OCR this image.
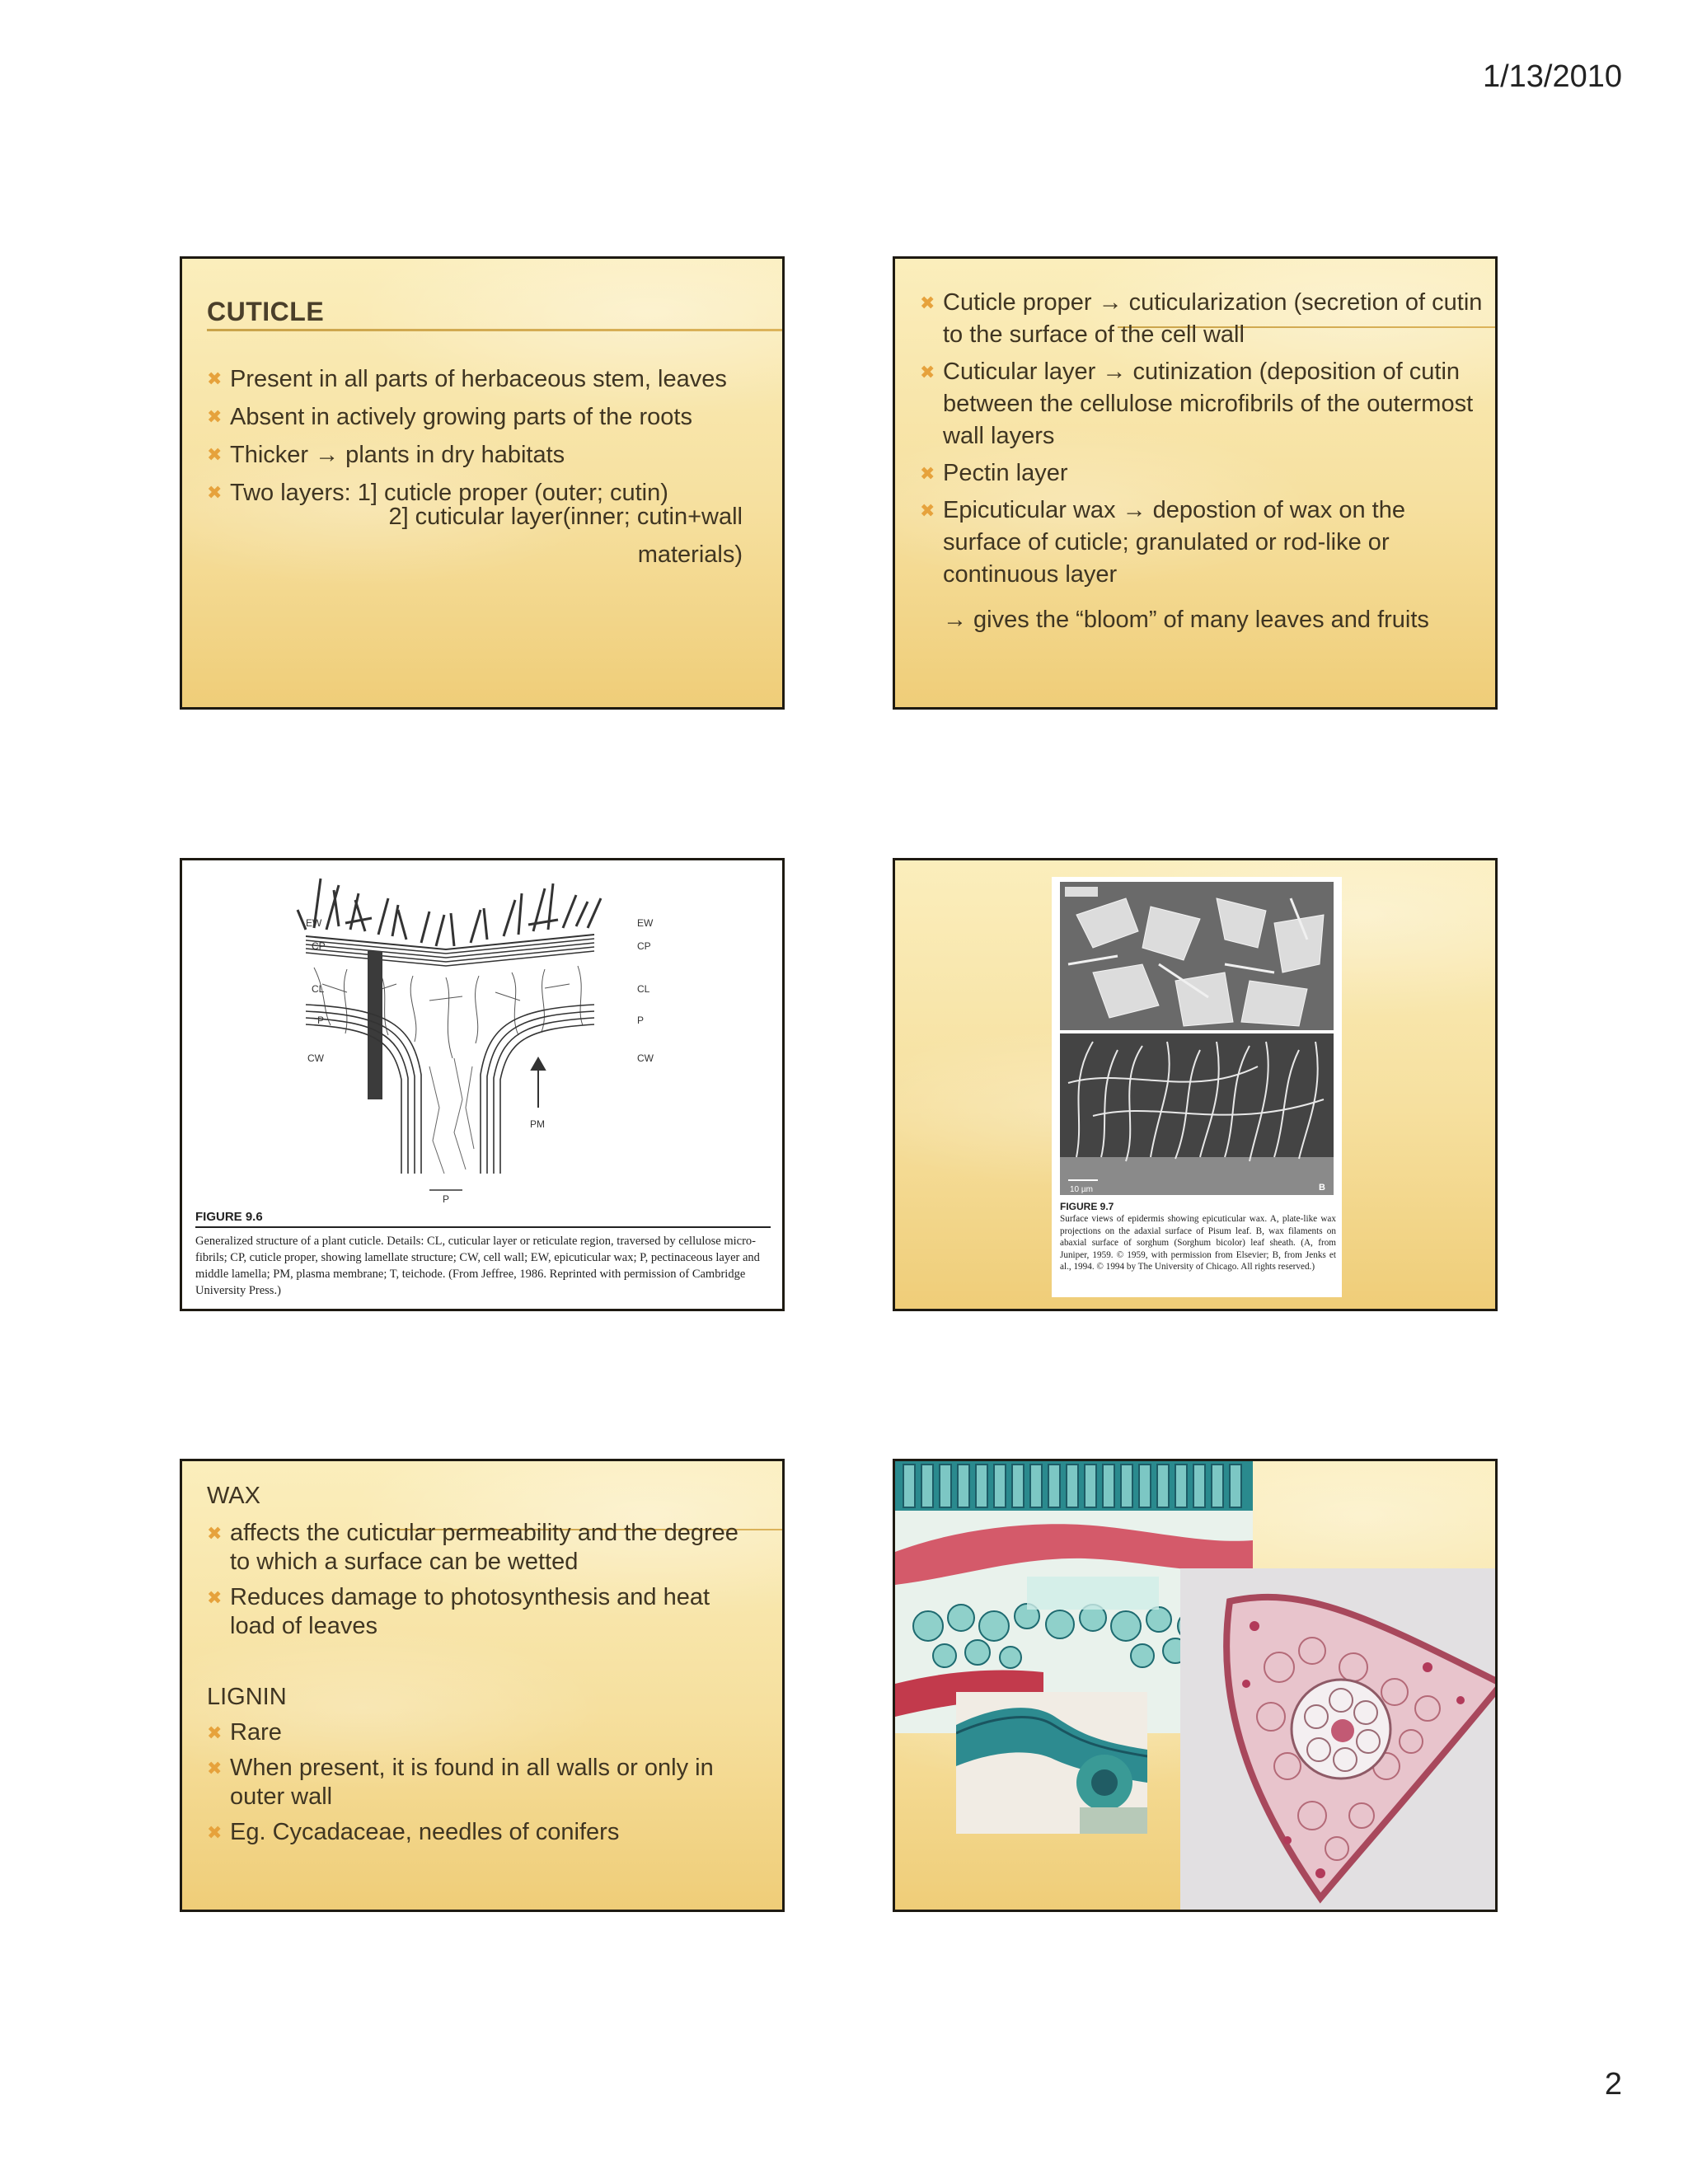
1/13/2010
CUTICLE
✖ Present in all parts of herbaceous stem, leaves
✖ Absent in actively growing parts of the roots
✖ Thicker → plants in dry habitats
✖ Two layers: 1] cuticle proper (outer; cutin)
2] cuticular layer(inner; cutin+wall
materials)
✖ Cuticle proper → cuticularization (secretion of cutin to the surface of the cell wall
✖ Cuticular layer → cutinization (deposition of cutin between the cellulose microfibrils of the outermost wall layers
✖ Pectin layer
✖ Epicuticular wax → depostion of wax on the surface of cuticle; granulated or rod-like or continuous layer
→ gives the “bloom” of many leaves and fruits
EW
CP
CL
P
CW
EW
CP
CL
P
CW
PM
P
FIGURE 9.6
Generalized structure of a plant cuticle. Details: CL, cuticular layer or reticulate region, traversed by cellulose micro-fibrils; CP, cuticle proper, showing lamellate structure; CW, cell wall; EW, epicuticular wax; P, pectinaceous layer and middle lamella; PM, plasma membrane; T, teichode. (From Jeffree, 1986. Reprinted with permission of Cambridge University Press.)
10 µm	B
FIGURE 9.7
Surface views of epidermis showing epicuticular wax. A, plate-like wax projections on the adaxial surface of Pisum leaf. B, wax filaments on abaxial surface of sorghum (Sorghum bicolor) leaf sheath. (A, from Juniper, 1959. © 1959, with permission from Elsevier; B, from Jenks et al., 1994. © 1994 by The University of Chicago. All rights reserved.)
WAX
✖ affects the cuticular permeability and the degree to which a surface can be wetted
✖ Reduces damage to photosynthesis and heat load of leaves
LIGNIN
✖ Rare
✖ When present, it is found in all walls or only in outer wall
✖ Eg. Cycadaceae, needles of conifers
2
